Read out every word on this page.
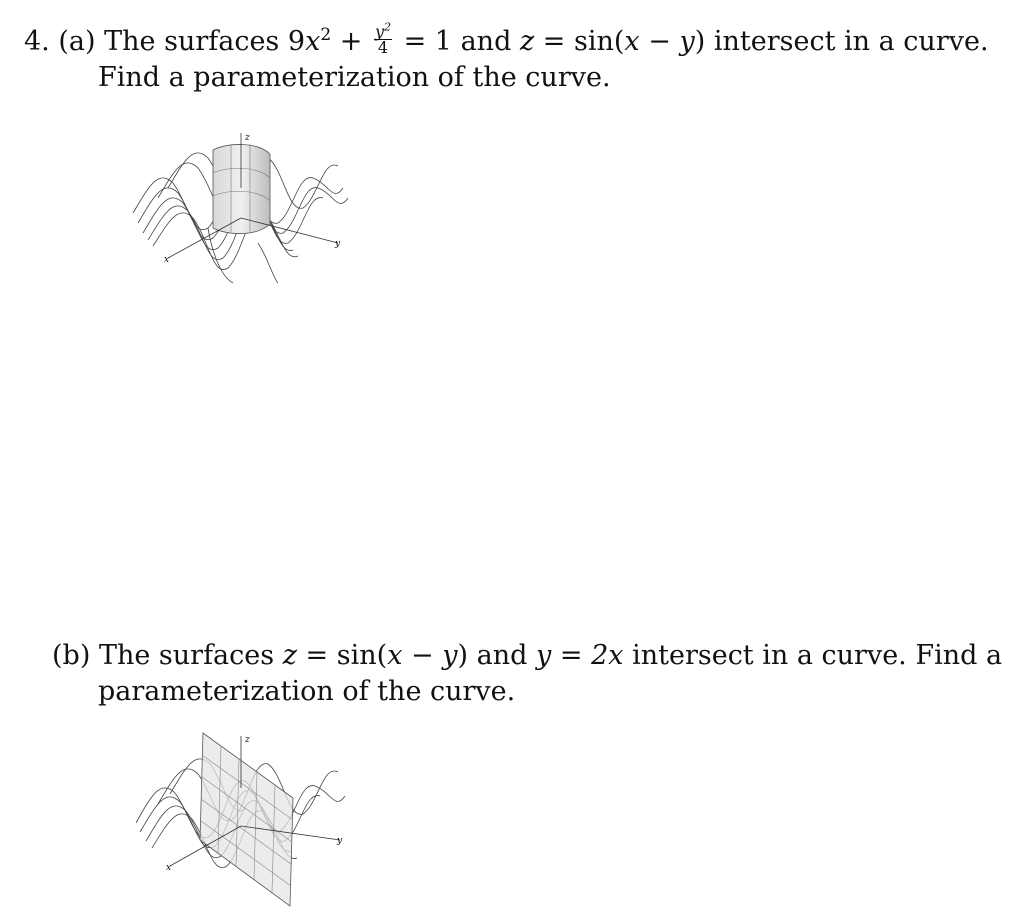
4. (a) The surfaces $9x^2 + \frac{y^2}{4} = 1$ and z = sin(x − y) intersect in a curve.
Find a parameterization of the curve.
z
x
y
(b) The surfaces z = sin(x − y) and y = 2x intersect in a curve. Find a
parameterization of the curve.
z
x
y
